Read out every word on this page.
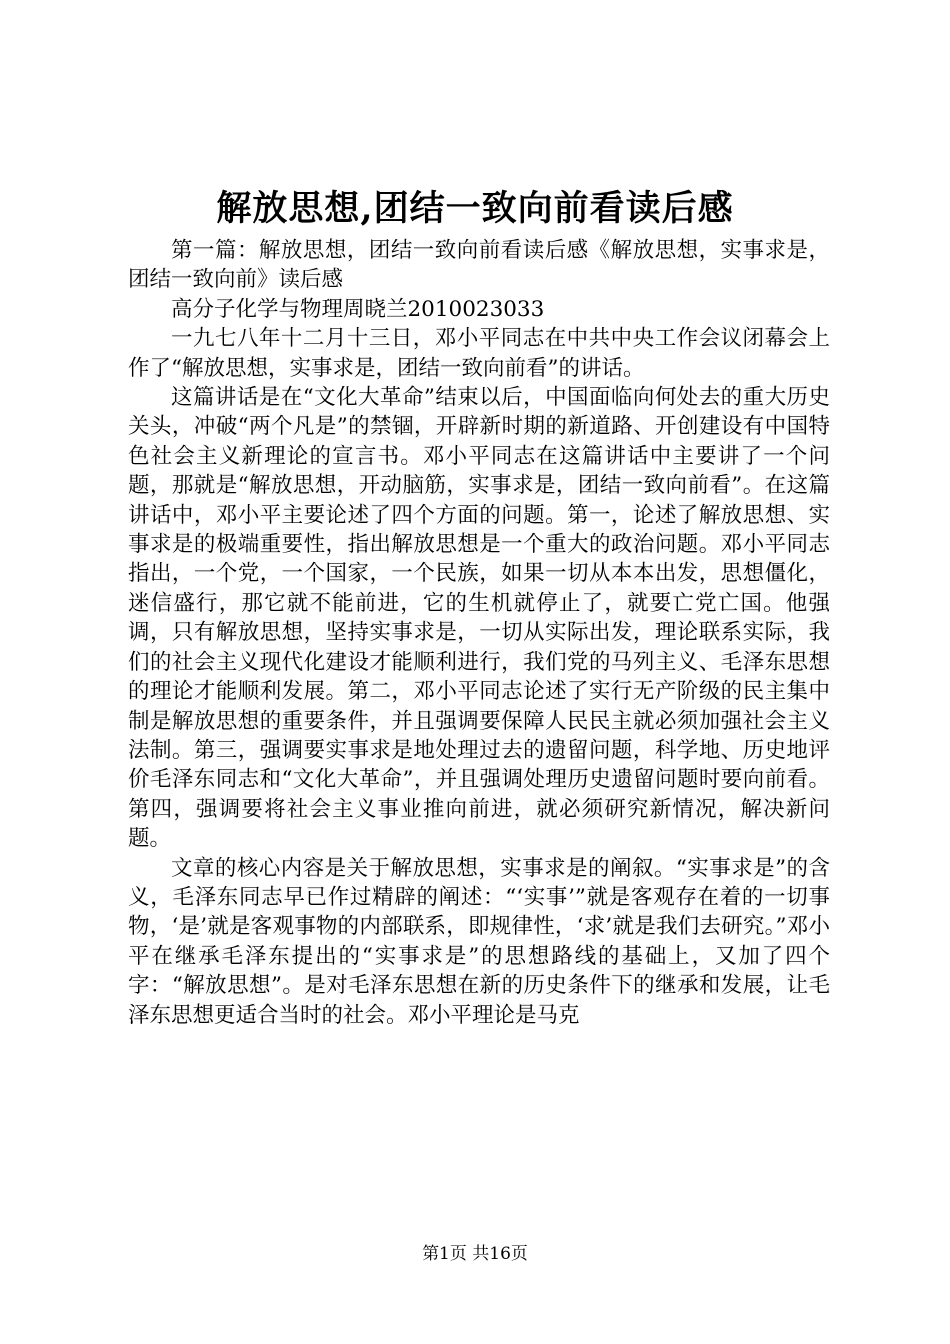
解放思想,团结一致向前看读后感

第一篇：解放思想，团结一致向前看读后感《解放思想，实事求是，团结一致向前》读后感

高分子化学与物理周晓兰2010023033

一九七八年十二月十三日，邓小平同志在中共中央工作会议闭幕会上作了“解放思想，实事求是，团结一致向前看”的讲话。

这篇讲话是在“文化大革命”结束以后，中国面临向何处去的重大历史关头，冲破“两个凡是”的禁锢，开辟新时期的新道路、开创建设有中国特色社会主义新理论的宣言书。邓小平同志在这篇讲话中主要讲了一个问题，那就是“解放思想，开动脑筋，实事求是，团结一致向前看”。在这篇讲话中，邓小平主要论述了四个方面的问题。第一，论述了解放思想、实事求是的极端重要性，指出解放思想是一个重大的政治问题。邓小平同志指出，一个党，一个国家，一个民族，如果一切从本本出发，思想僵化，迷信盛行，那它就不能前进，它的生机就停止了，就要亡党亡国。他强调，只有解放思想，坚持实事求是，一切从实际出发，理论联系实际，我们的社会主义现代化建设才能顺利进行，我们党的马列主义、毛泽东思想的理论才能顺利发展。第二，邓小平同志论述了实行无产阶级的民主集中制是解放思想的重要条件，并且强调要保障人民民主就必须加强社会主义法制。第三，强调要实事求是地处理过去的遗留问题，科学地、历史地评价毛泽东同志和“文化大革命”，并且强调处理历史遗留问题时要向前看。第四，强调要将社会主义事业推向前进，就必须研究新情况，解决新问题。

文章的核心内容是关于解放思想，实事求是的阐叙。“实事求是”的含义，毛泽东同志早已作过精辟的阐述：“‘实事’”就是客观存在着的一切事物，‘是’就是客观事物的内部联系，即规律性，‘求’就是我们去研究。”邓小平在继承毛泽东提出的“实事求是”的思想路线的基础上，又加了四个字：“解放思想”。是对毛泽东思想在新的历史条件下的继承和发展，让毛泽东思想更适合当时的社会。邓小平理论是马克

第1页 共16页
